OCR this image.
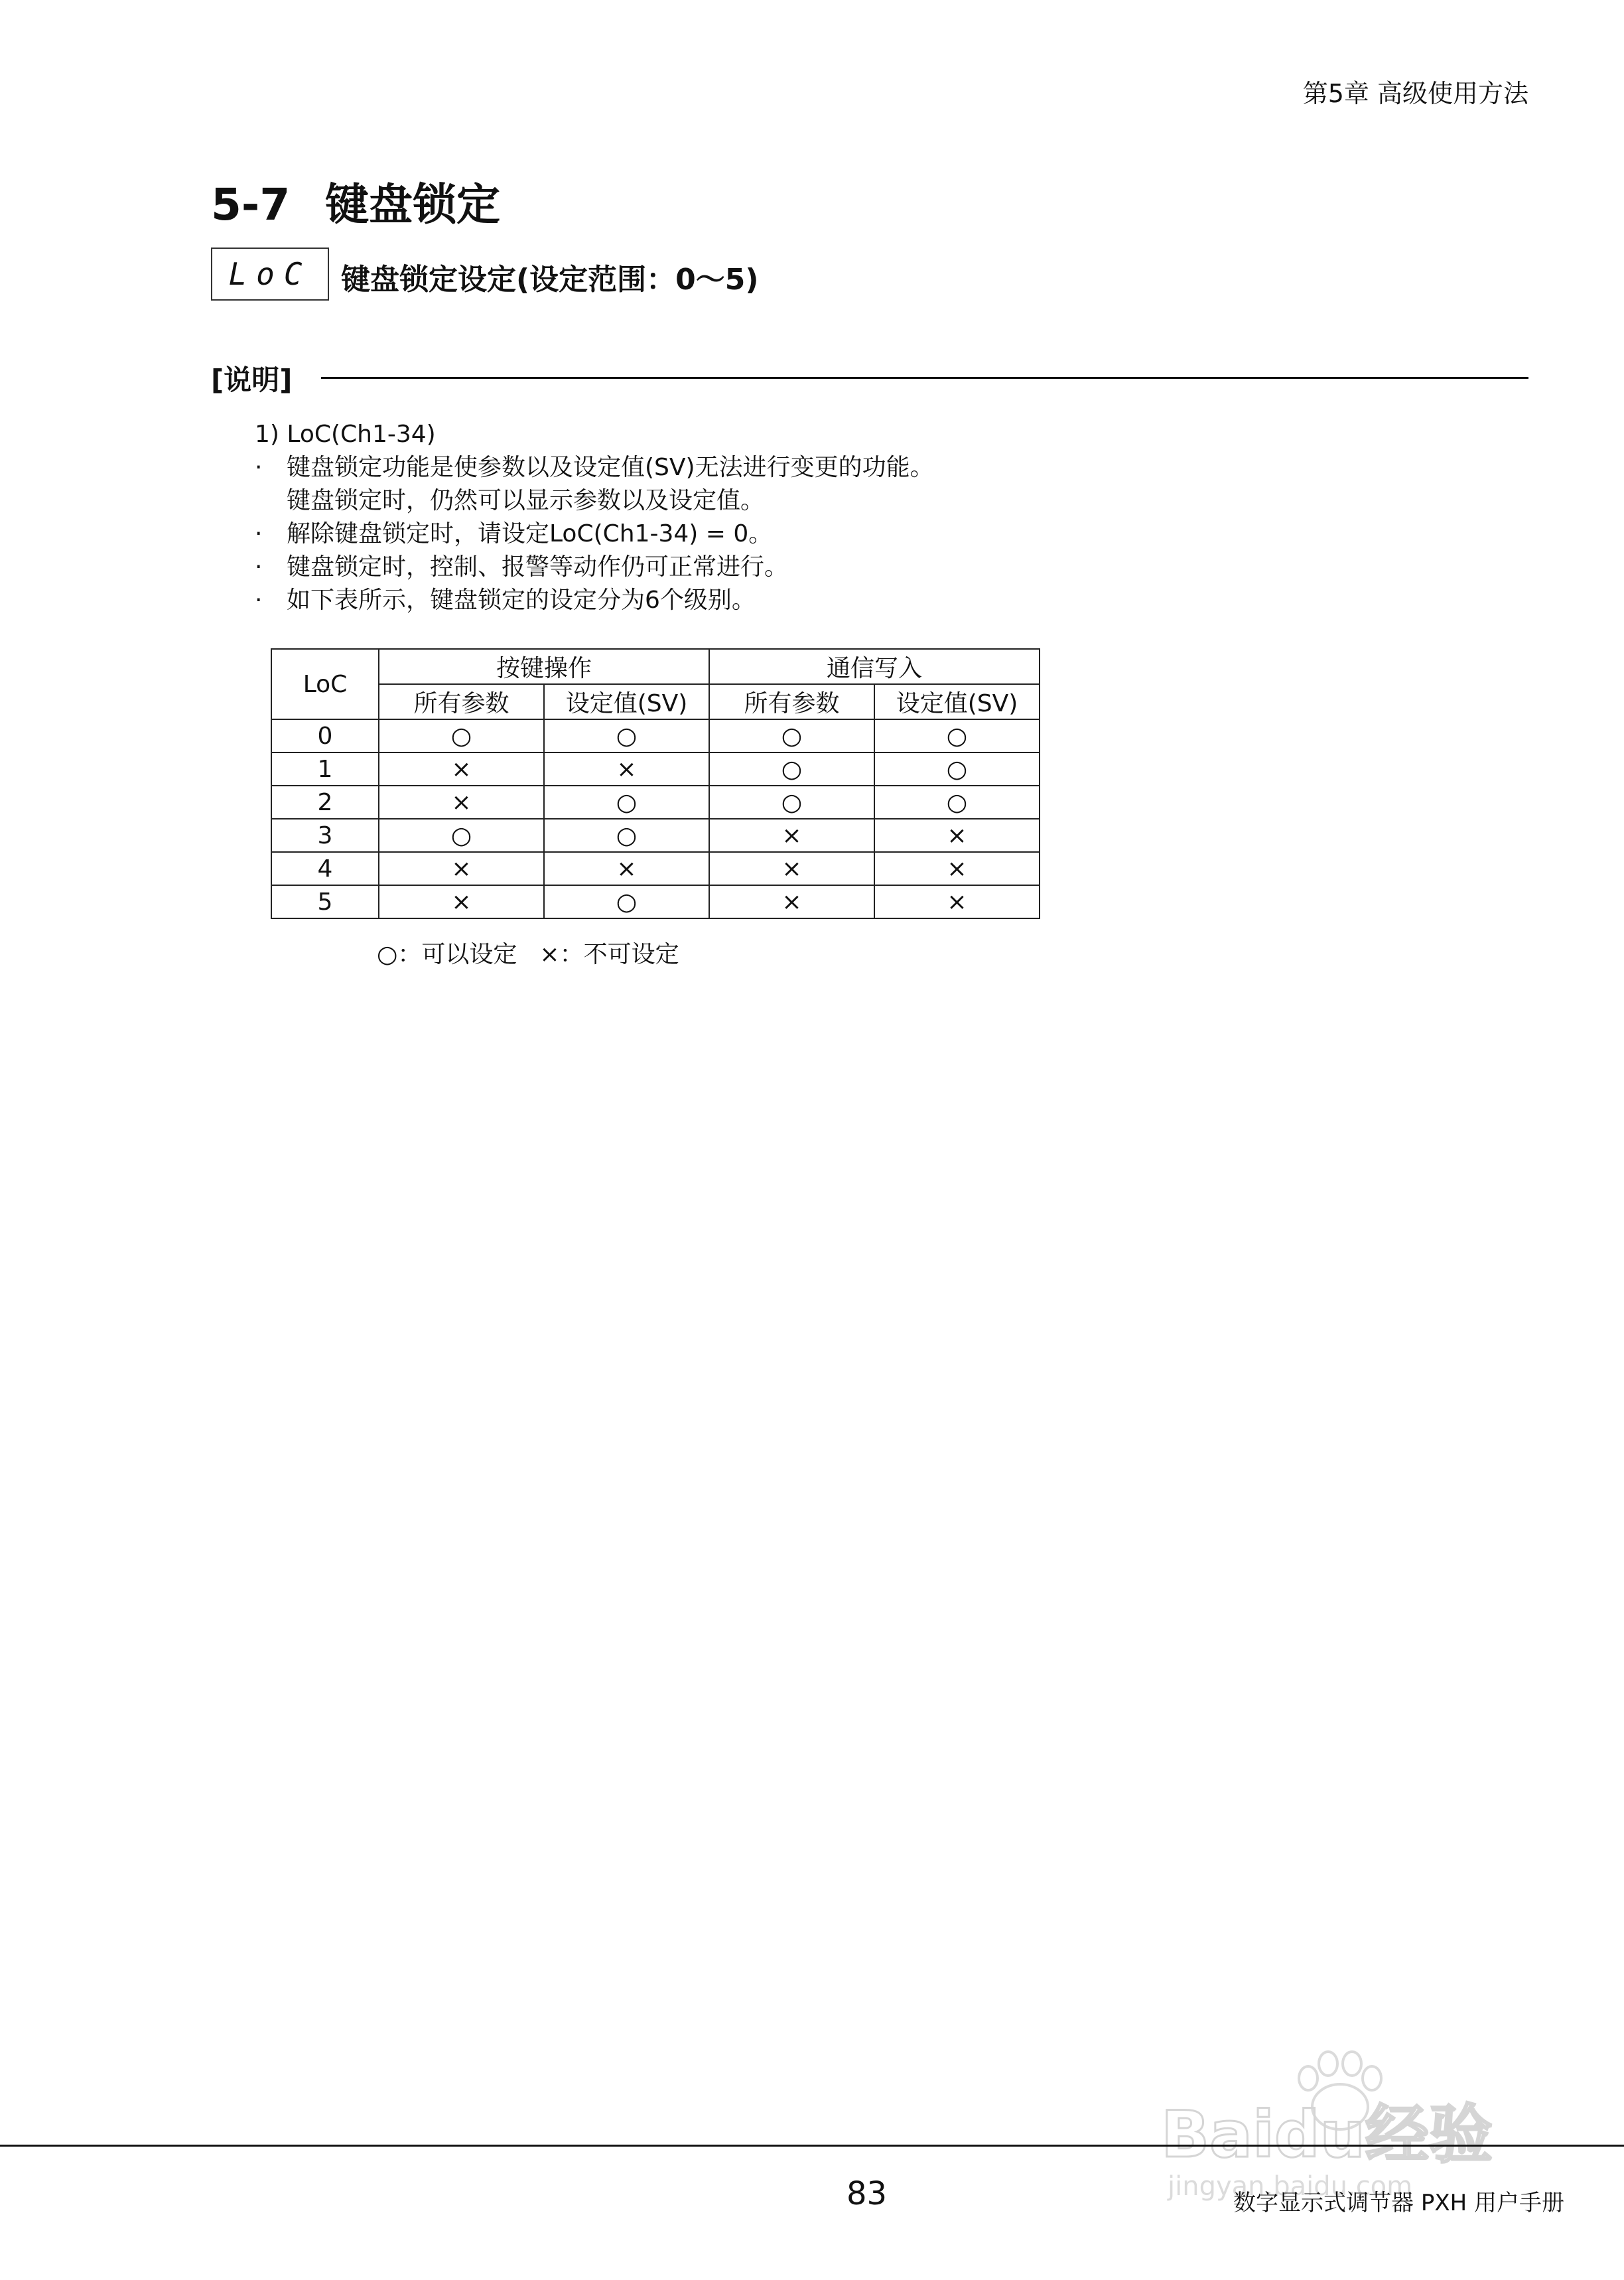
第5章 高级使用方法
5-7 键盘锁定
LoC	键盘锁定设定(设定范围：0～5)
[说明]
1) LoC(Ch1-34)
· 键盘锁定功能是使参数以及设定值(SV)无法进行变更的功能。
键盘锁定时，仍然可以显示参数以及设定值。
· 解除键盘锁定时，请设定LoC(Ch1-34) = 0。
· 键盘锁定时，控制、报警等动作仍可正常进行。
· 如下表所示，键盘锁定的设定分为6个级别。
LoC	按键操作		通信写入	
	所有参数	设定值(SV)	所有参数	设定值(SV)
0	○	○	○	○
1	×	×	○	○
2	×	○	○	○
3	○	○	×	×
4	×	×	×	×
5	×	○	×	×
○：可以设定 ×：不可设定
Baidu经验
jingyan.baidu.com
83	数字显示式调节器 PXH 用户手册
